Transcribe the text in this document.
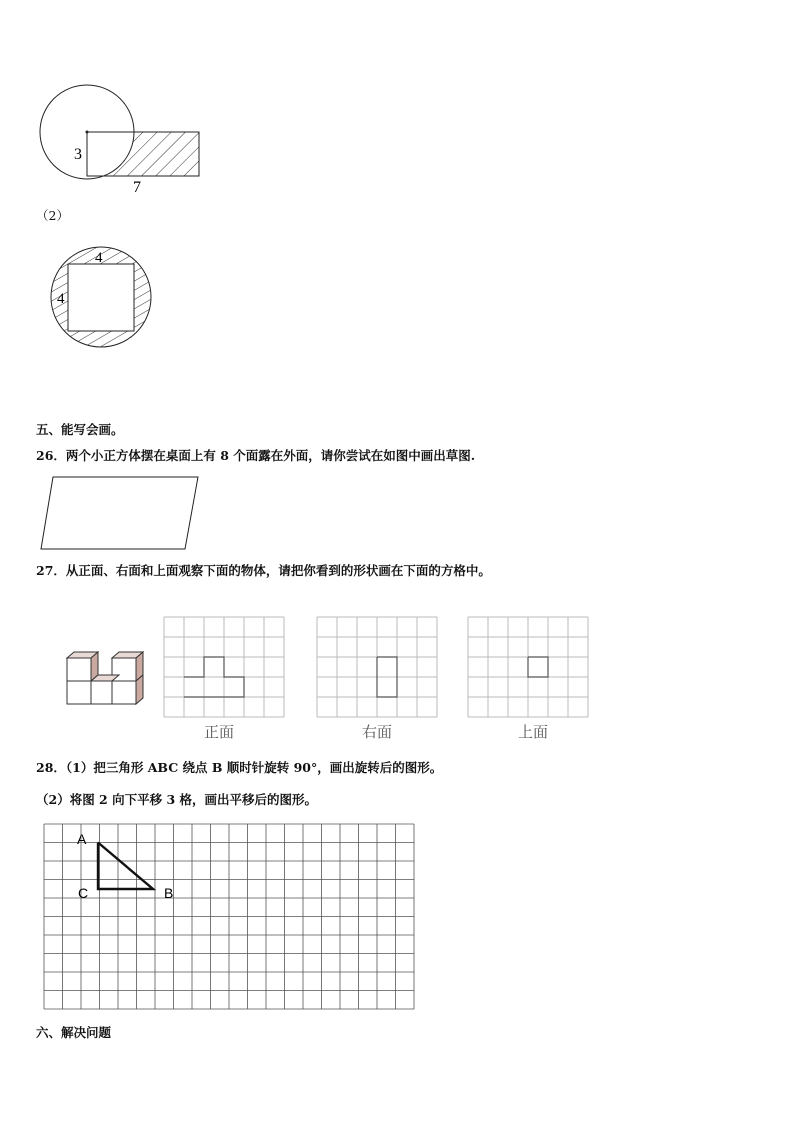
3
7
（2）
4
4
五、能写会画。
26．两个小正方体摆在桌面上有 8 个面露在外面，请你尝试在如图中画出草图.
27．从正面、右面和上面观察下面的物体，请把你看到的形状画在下面的方格中。
正面	右面	上面
28．（1）把三角形 ABC 绕点 B 顺时针旋转 90°，画出旋转后的图形。
（2）将图 2 向下平移 3 格，画出平移后的图形。
A
C	B
六、解决问题
